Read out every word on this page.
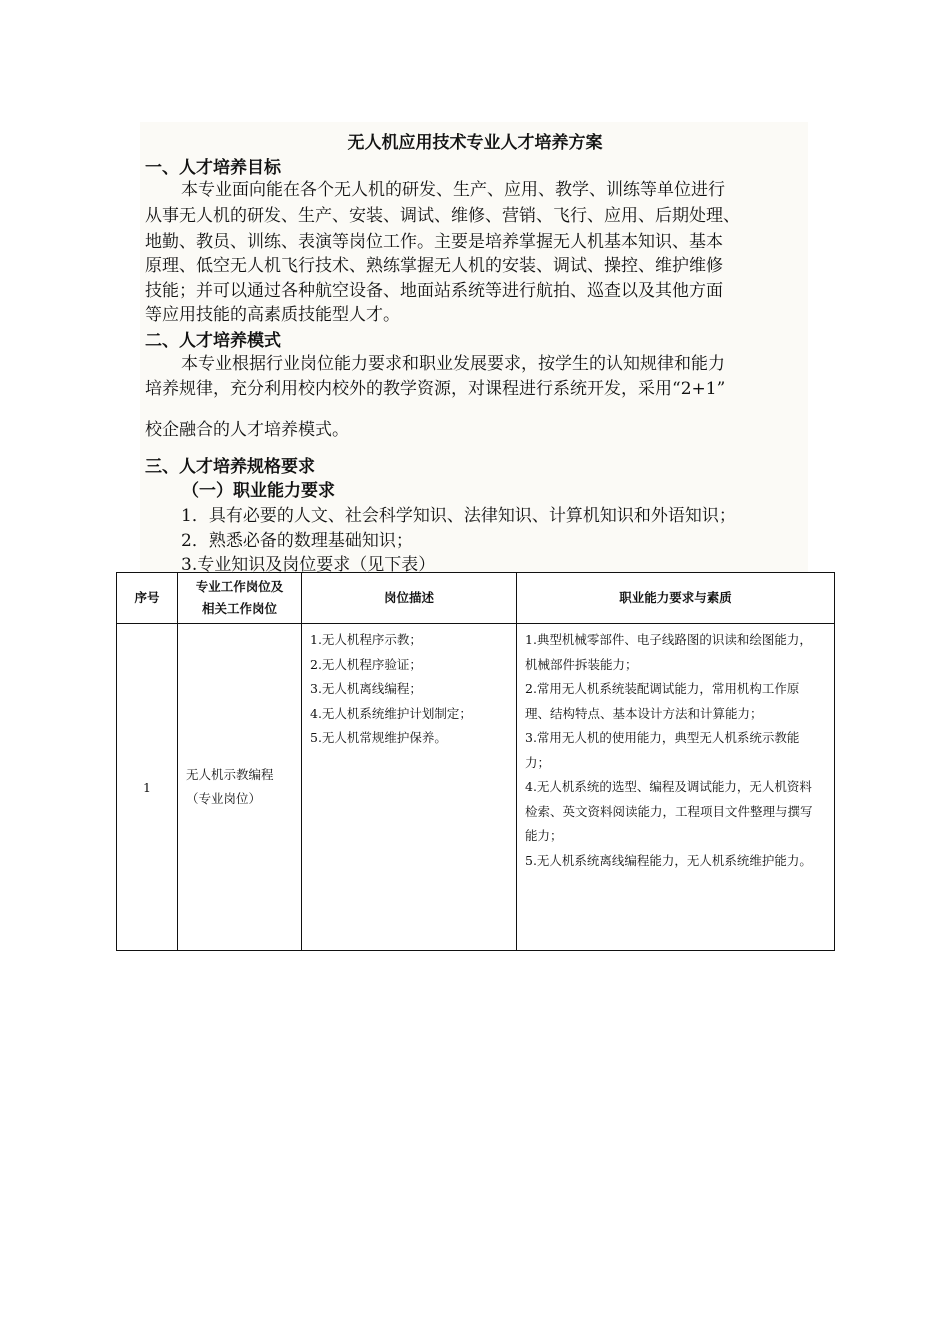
无人机应用技术专业人才培养方案
一、人才培养目标
本专业面向能在各个无人机的研发、生产、应用、教学、训练等单位进行
从事无人机的研发、生产、安装、调试、维修、营销、飞行、应用、后期处理、
地勤、教员、训练、表演等岗位工作。主要是培养掌握无人机基本知识、基本
原理、低空无人机飞行技术、熟练掌握无人机的安装、调试、操控、维护维修
技能；并可以通过各种航空设备、地面站系统等进行航拍、巡查以及其他方面
等应用技能的高素质技能型人才。
二、人才培养模式
本专业根据行业岗位能力要求和职业发展要求，按学生的认知规律和能力
培养规律，充分利用校内校外的教学资源，对课程进行系统开发，采用“2+1”
校企融合的人才培养模式。
三、人才培养规格要求
（一）职业能力要求
1．具有必要的人文、社会科学知识、法律知识、计算机知识和外语知识；
2．熟悉必备的数理基础知识；
3.专业知识及岗位要求（见下表）
序号	专业工作岗位及
相关工作岗位	岗位描述	职业能力要求与素质
1	无人机示教编程
（专业岗位）	1.无人机程序示教；
2.无人机程序验证；
3.无人机离线编程；
4.无人机系统维护计划制定；
5.无人机常规维护保养。	1.典型机械零部件、电子线路图的识读和绘图能力，机械部件拆装能力；
2.常用无人机系统装配调试能力，常用机构工作原理、结构特点、基本设计方法和计算能力；
3.常用无人机的使用能力，典型无人机系统示教能力；
4.无人机系统的选型、编程及调试能力，无人机资料检索、英文资料阅读能力，工程项目文件整理与撰写能力；
5.无人机系统离线编程能力，无人机系统维护能力。
